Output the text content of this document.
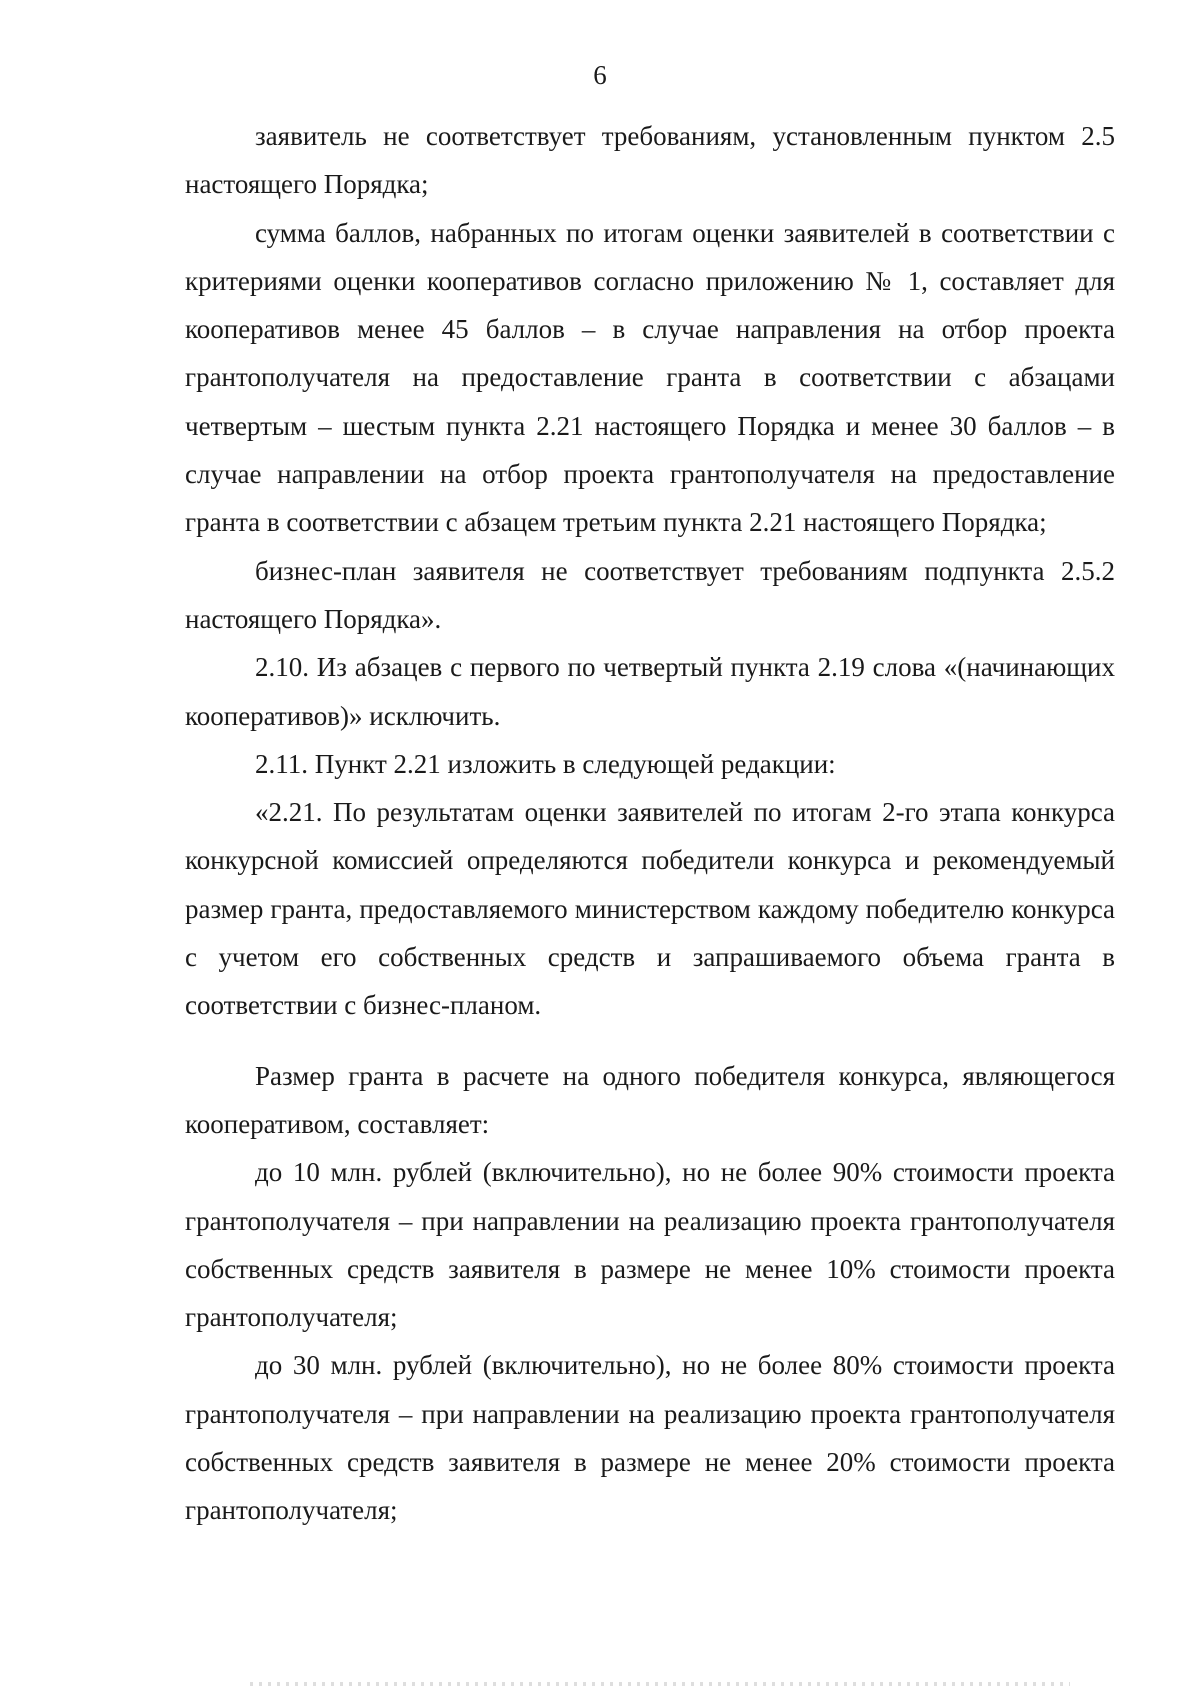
6

заявитель не соответствует требованиям, установленным пунктом 2.5 настоящего Порядка;

сумма баллов, набранных по итогам оценки заявителей в соответствии с критериями оценки кооперативов согласно приложению № 1, составляет для кооперативов менее 45 баллов – в случае направления на отбор проекта грантополучателя на предоставление гранта в соответствии с абзацами четвертым – шестым пункта 2.21 настоящего Порядка и менее 30 баллов – в случае направлении на отбор проекта грантополучателя на предоставление гранта в соответствии с абзацем третьим пункта 2.21 настоящего Порядка;

бизнес-план заявителя не соответствует требованиям подпункта 2.5.2 настоящего Порядка».

2.10. Из абзацев с первого по четвертый пункта 2.19 слова «(начинающих кооперативов)» исключить.

2.11. Пункт 2.21 изложить в следующей редакции:

«2.21. По результатам оценки заявителей по итогам 2-го этапа конкурса конкурсной комиссией определяются победители конкурса и рекомендуемый размер гранта, предоставляемого министерством каждому победителю конкурса с учетом его собственных средств и запрашиваемого объема гранта в соответствии с бизнес-планом.

Размер гранта в расчете на одного победителя конкурса, являющегося кооперативом, составляет:

до 10 млн. рублей (включительно), но не более 90% стоимости проекта грантополучателя – при направлении на реализацию проекта грантополучателя собственных средств заявителя в размере не менее 10% стоимости проекта грантополучателя;

до 30 млн. рублей (включительно), но не более 80% стоимости проекта грантополучателя – при направлении на реализацию проекта грантополучателя собственных средств заявителя в размере не менее 20% стоимости проекта грантополучателя;
